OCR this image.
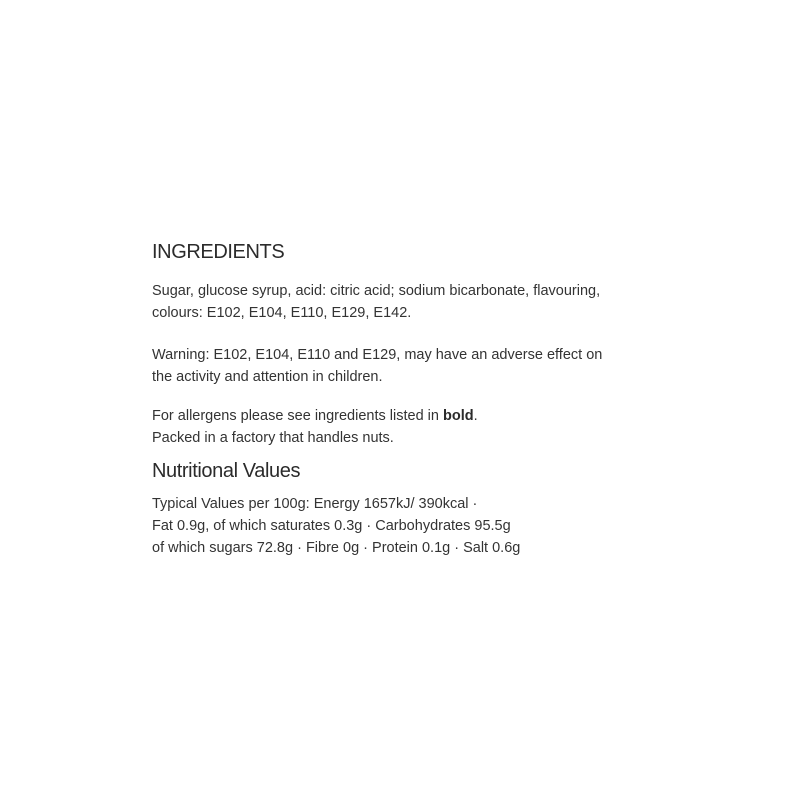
INGREDIENTS
Sugar, glucose syrup, acid: citric acid; sodium bicarbonate, flavouring,
colours: E102, E104, E110, E129, E142.
Warning: E102, E104, E110 and E129, may have an adverse effect on
the activity and attention in children.
For allergens please see ingredients listed in bold.
Packed in a factory that handles nuts.
Nutritional Values
Typical Values per 100g: Energy 1657kJ/ 390kcal ·
Fat 0.9g, of which saturates 0.3g · Carbohydrates 95.5g
of which sugars 72.8g · Fibre 0g · Protein 0.1g · Salt 0.6g
